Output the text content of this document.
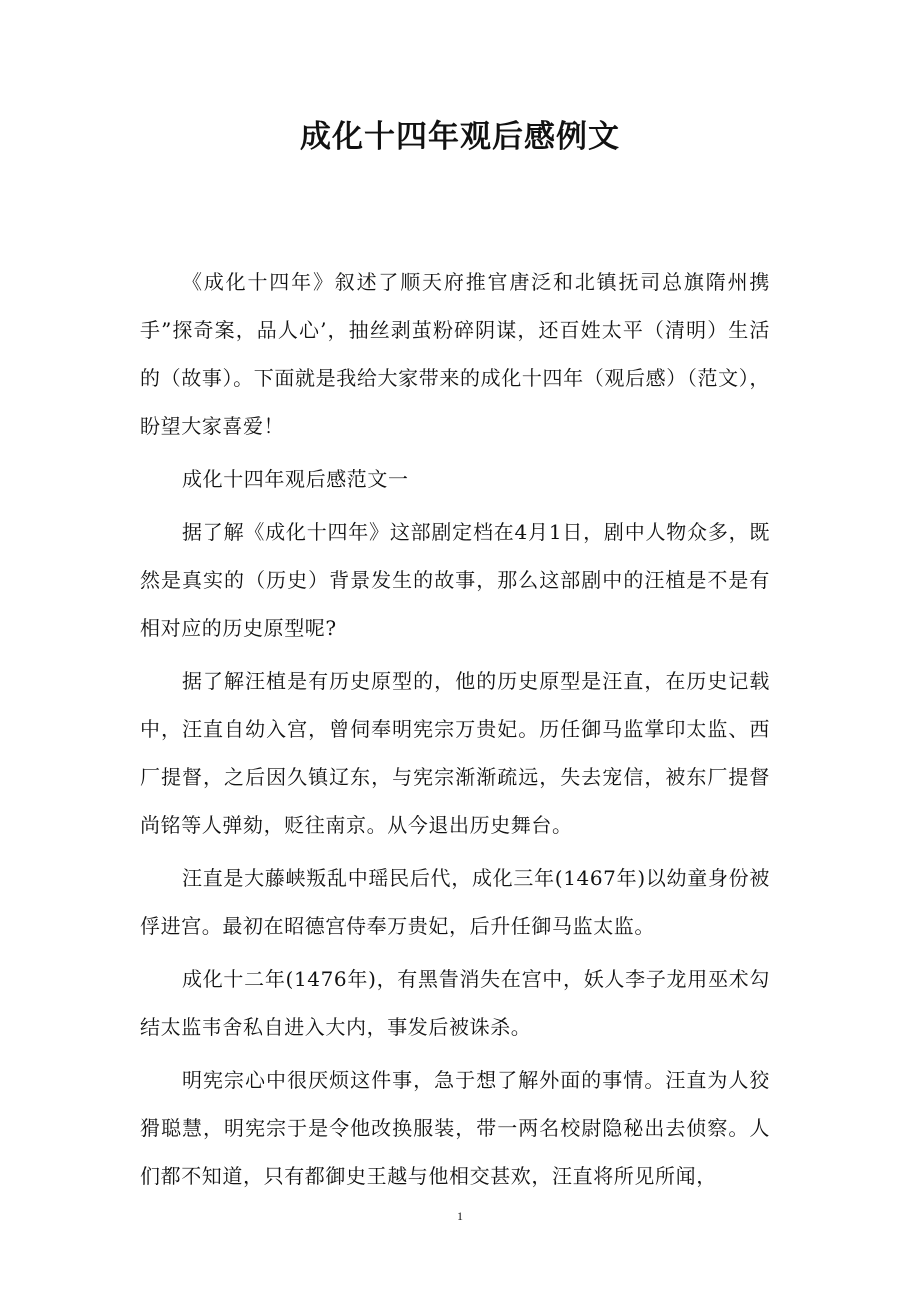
成化十四年观后感例文

《成化十四年》叙述了顺天府推官唐泛和北镇抚司总旗隋州携手”探奇案，品人心’，抽丝剥茧粉碎阴谋，还百姓太平（清明）生活的（故事）。下面就是我给大家带来的成化十四年（观后感）（范文），盼望大家喜爱！

成化十四年观后感范文一

据了解《成化十四年》这部剧定档在4月1日，剧中人物众多，既然是真实的（历史）背景发生的故事，那么这部剧中的汪植是不是有相对应的历史原型呢?

据了解汪植是有历史原型的，他的历史原型是汪直，在历史记载中，汪直自幼入宫，曾伺奉明宪宗万贵妃。历任御马监掌印太监、西厂提督，之后因久镇辽东，与宪宗渐渐疏远，失去宠信，被东厂提督尚铭等人弹劾，贬往南京。从今退出历史舞台。

汪直是大藤峡叛乱中瑶民后代，成化三年(1467年)以幼童身份被俘进宫。最初在昭德宫侍奉万贵妃，后升任御马监太监。

成化十二年(1476年)，有黑眚消失在宫中，妖人李子龙用巫术勾结太监韦舍私自进入大内，事发后被诛杀。

明宪宗心中很厌烦这件事，急于想了解外面的事情。汪直为人狡猾聪慧，明宪宗于是令他改换服装，带一两名校尉隐秘出去侦察。人们都不知道，只有都御史王越与他相交甚欢，汪直将所见所闻，

1
